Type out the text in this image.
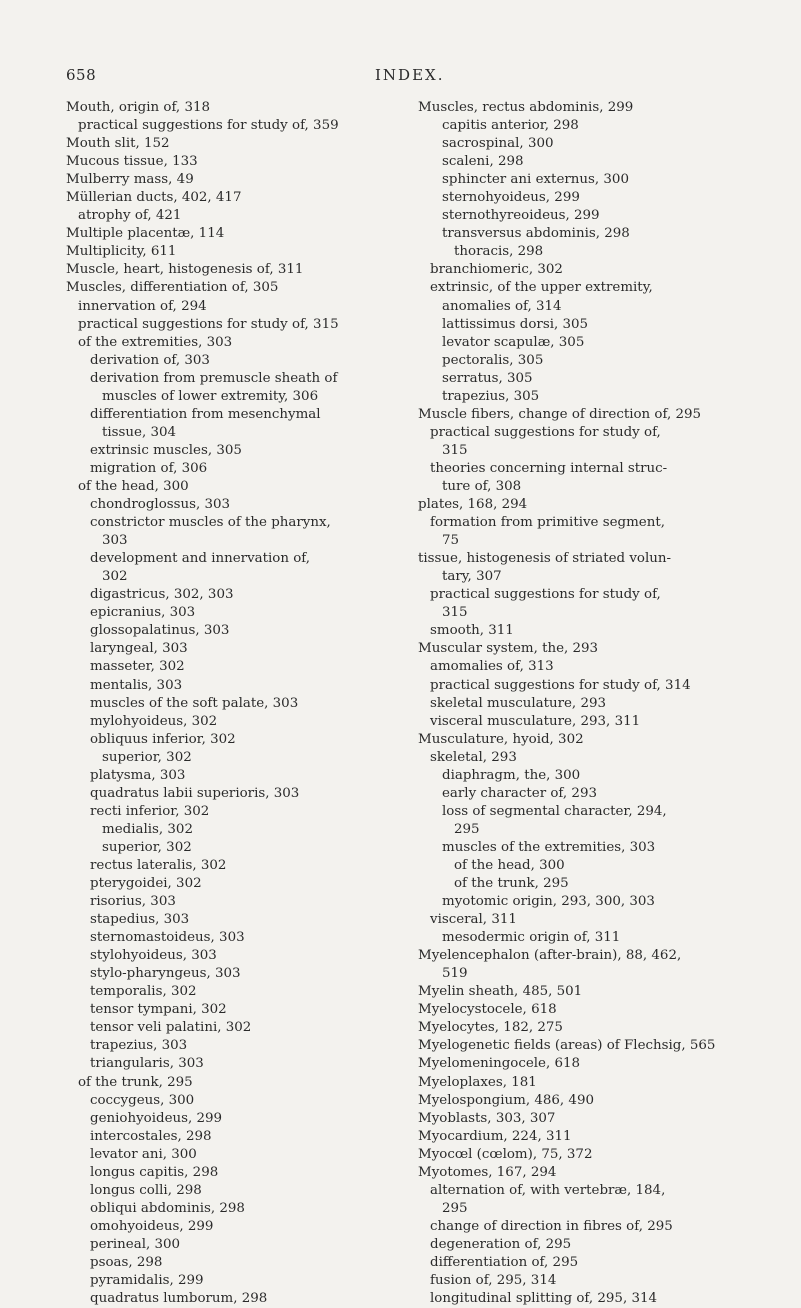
658	INDEX.
Mouth, origin of, 318
practical suggestions for study of, 359
Mouth slit, 152
Mucous tissue, 133
Mulberry mass, 49
Müllerian ducts, 402, 417
atrophy of, 421
Multiple placentæ, 114
Multiplicity, 611
Muscle, heart, histogenesis of, 311
Muscles, differentiation of, 305
innervation of, 294
practical suggestions for study of, 315
of the extremities, 303
derivation of, 303
derivation from premuscle sheath of
muscles of lower extremity, 306
differentiation from mesenchymal
tissue, 304
extrinsic muscles, 305
migration of, 306
of the head, 300
chondroglossus, 303
constrictor muscles of the pharynx,
303
development and innervation of,
302
digastricus, 302, 303
epicranius, 303
glossopalatinus, 303
laryngeal, 303
masseter, 302
mentalis, 303
muscles of the soft palate, 303
mylohyoideus, 302
obliquus inferior, 302
superior, 302
platysma, 303
quadratus labii superioris, 303
recti inferior, 302
medialis, 302
superior, 302
rectus lateralis, 302
pterygoidei, 302
risorius, 303
stapedius, 303
sternomastoideus, 303
stylohyoideus, 303
stylo-pharyngeus, 303
temporalis, 302
tensor tympani, 302
tensor veli palatini, 302
trapezius, 303
triangularis, 303
of the trunk, 295
coccygeus, 300
geniohyoideus, 299
intercostales, 298
levator ani, 300
longus capitis, 298
longus colli, 298
obliqui abdominis, 298
omohyoideus, 299
perineal, 300
psoas, 298
pyramidalis, 299
quadratus lumborum, 298
Muscles, rectus abdominis, 299
capitis anterior, 298
sacrospinal, 300
scaleni, 298
sphincter ani externus, 300
sternohyoideus, 299
sternothyreoideus, 299
transversus abdominis, 298
thoracis, 298
branchiomeric, 302
extrinsic, of the upper extremity,
anomalies of, 314
lattissimus dorsi, 305
levator scapulæ, 305
pectoralis, 305
serratus, 305
trapezius, 305
Muscle fibers, change of direction of, 295
practical suggestions for study of,
315
theories concerning internal struc-
ture of, 308
plates, 168, 294
formation from primitive segment,
75
tissue, histogenesis of striated volun-
tary, 307
practical suggestions for study of,
315
smooth, 311
Muscular system, the, 293
amomalies of, 313
practical suggestions for study of, 314
skeletal musculature, 293
visceral musculature, 293, 311
Musculature, hyoid, 302
skeletal, 293
diaphragm, the, 300
early character of, 293
loss of segmental character, 294,
295
muscles of the extremities, 303
of the head, 300
of the trunk, 295
myotomic origin, 293, 300, 303
visceral, 311
mesodermic origin of, 311
Myelencephalon (after-brain), 88, 462,
519
Myelin sheath, 485, 501
Myelocystocele, 618
Myelocytes, 182, 275
Myelogenetic fields (areas) of Flechsig, 565
Myelomeningocele, 618
Myeloplaxes, 181
Myelospongium, 486, 490
Myoblasts, 303, 307
Myocardium, 224, 311
Myocœl (cœlom), 75, 372
Myotomes, 167, 294
alternation of, with vertebræ, 184,
295
change of direction in fibres of, 295
degeneration of, 295
differentiation of, 295
fusion of, 295, 314
longitudinal splitting of, 295, 314
